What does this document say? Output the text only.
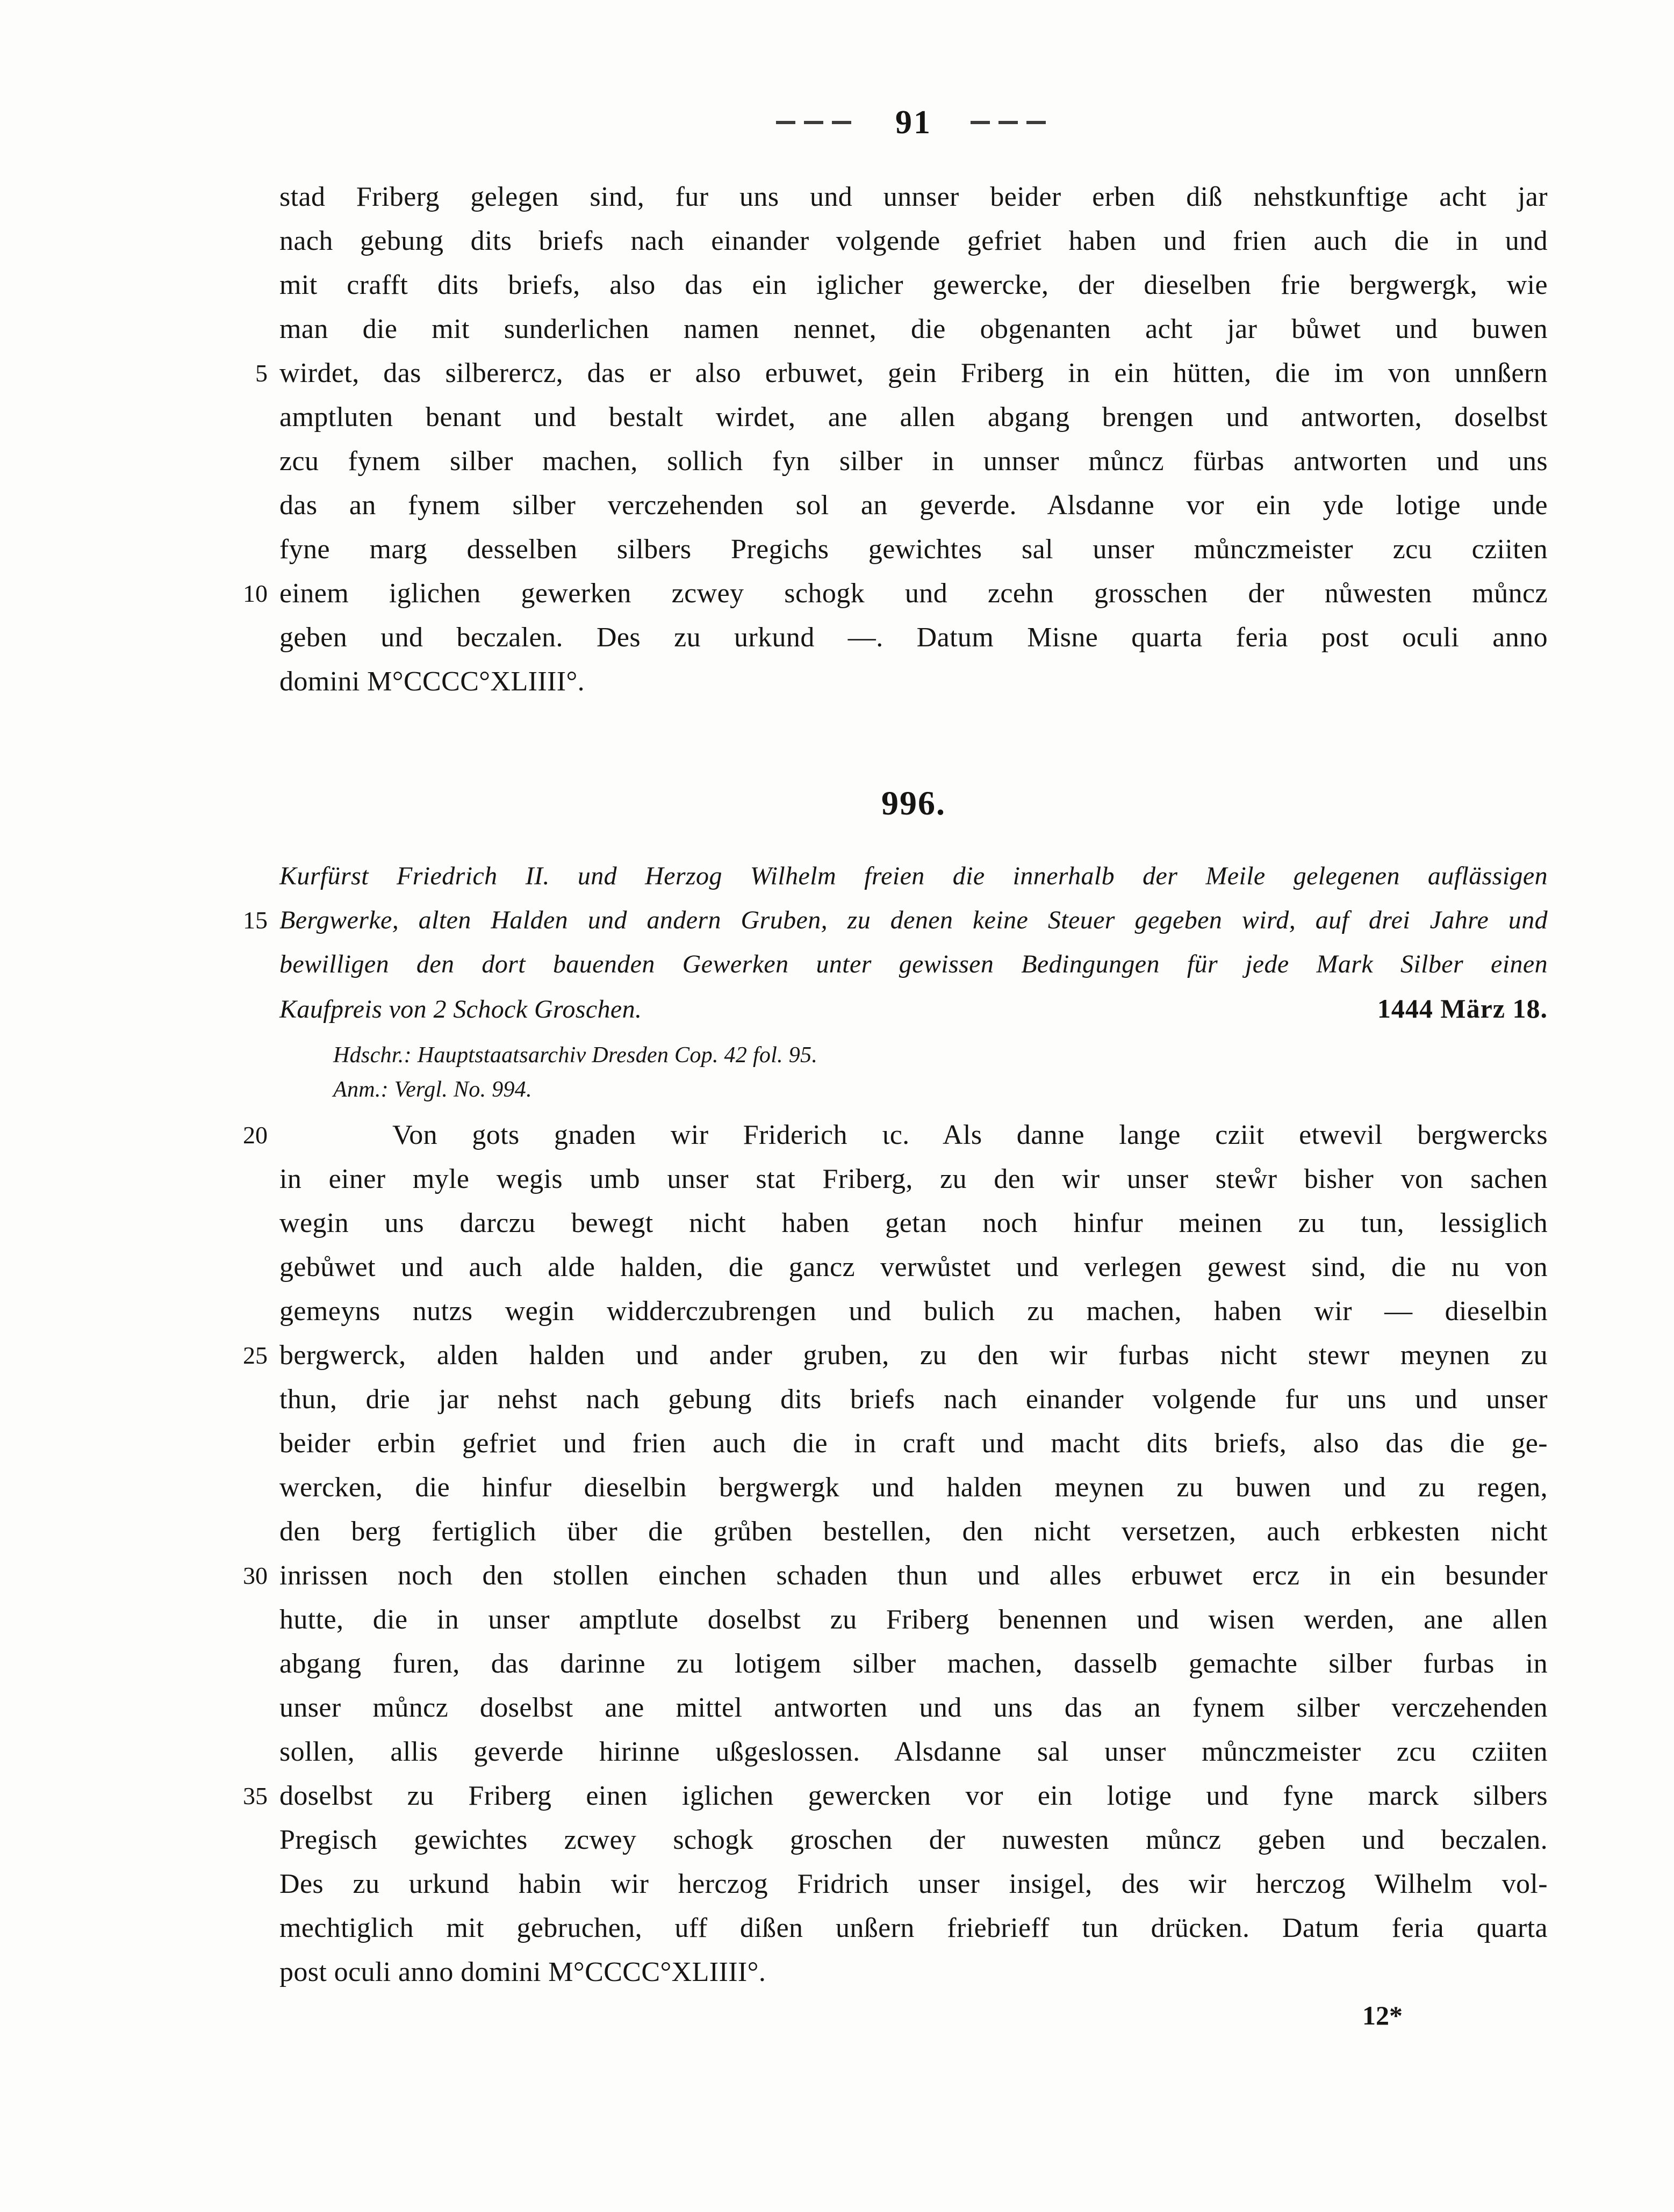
91
stad Friberg gelegen sind, fur uns und unnser beider erben diß nehstkunftige acht jar
nach gebung dits briefs nach einander volgende gefriet haben und frien auch die in und
mit crafft dits briefs, also das ein iglicher gewercke, der dieselben frie bergwergk, wie
man die mit sunderlichen namen nennet, die obgenanten acht jar bůwet und buwen
5 wirdet, das silberercz, das er also erbuwet, gein Friberg in ein hütten, die im von unnßern
amptluten benant und bestalt wirdet, ane allen abgang brengen und antworten, doselbst
zcu fynem silber machen, sollich fyn silber in unnser můncz fürbas antworten und uns
das an fynem silber verczehenden sol an geverde. Alsdanne vor ein yde lotige unde
fyne marg desselben silbers Pregichs gewichtes sal unser můnczmeister zcu cziiten
10 einem iglichen gewerken zcwey schogk und zcehn grosschen der nůwesten můncz
geben und beczalen. Des zu urkund —. Datum Misne quarta feria post oculi anno
domini M°CCCC°XLIIII°.
996.
Kurfürst Friedrich II. und Herzog Wilhelm freien die innerhalb der Meile gelegenen auflässigen
15 Bergwerke, alten Halden und andern Gruben, zu denen keine Steuer gegeben wird, auf drei Jahre und
bewilligen den dort bauenden Gewerken unter gewissen Bedingungen für jede Mark Silber einen
Kaufpreis von 2 Schock Groschen.	1444 März 18.
Hdschr.: Hauptstaatsarchiv Dresden Cop. 42 fol. 95.
Anm.: Vergl. No. 994.
20	Von gots gnaden wir Friderich ɩc. Als danne lange cziit etwevil bergwercks
in einer myle wegis umb unser stat Friberg, zu den wir unser steẘr bisher von sachen
wegin uns darczu bewegt nicht haben getan noch hinfur meinen zu tun, lessiglich
gebůwet und auch alde halden, die gancz verwůstet und verlegen gewest sind, die nu von
gemeyns nutzs wegin widderczubrengen und bulich zu machen, haben wir — dieselbin
25 bergwerck, alden halden und ander gruben, zu den wir furbas nicht stewr meynen zu
thun, drie jar nehst nach gebung dits briefs nach einander volgende fur uns und unser
beider erbin gefriet und frien auch die in craft und macht dits briefs, also das die ge-
wercken, die hinfur dieselbin bergwergk und halden meynen zu buwen und zu regen,
den berg fertiglich über die grůben bestellen, den nicht versetzen, auch erbkesten nicht
30 inrissen noch den stollen einchen schaden thun und alles erbuwet ercz in ein besunder
hutte, die in unser amptlute doselbst zu Friberg benennen und wisen werden, ane allen
abgang furen, das darinne zu lotigem silber machen, dasselb gemachte silber furbas in
unser můncz doselbst ane mittel antworten und uns das an fynem silber verczehenden
sollen, allis geverde hirinne ußgeslossen. Alsdanne sal unser můnczmeister zcu cziiten
35 doselbst zu Friberg einen iglichen gewercken vor ein lotige und fyne marck silbers
Pregisch gewichtes zcwey schogk groschen der nuwesten můncz geben und beczalen.
Des zu urkund habin wir herczog Fridrich unser insigel, des wir herczog Wilhelm vol-
mechtiglich mit gebruchen, uff dißen unßern friebrieff tun drücken. Datum feria quarta
post oculi anno domini M°CCCC°XLIIII°.
12*
